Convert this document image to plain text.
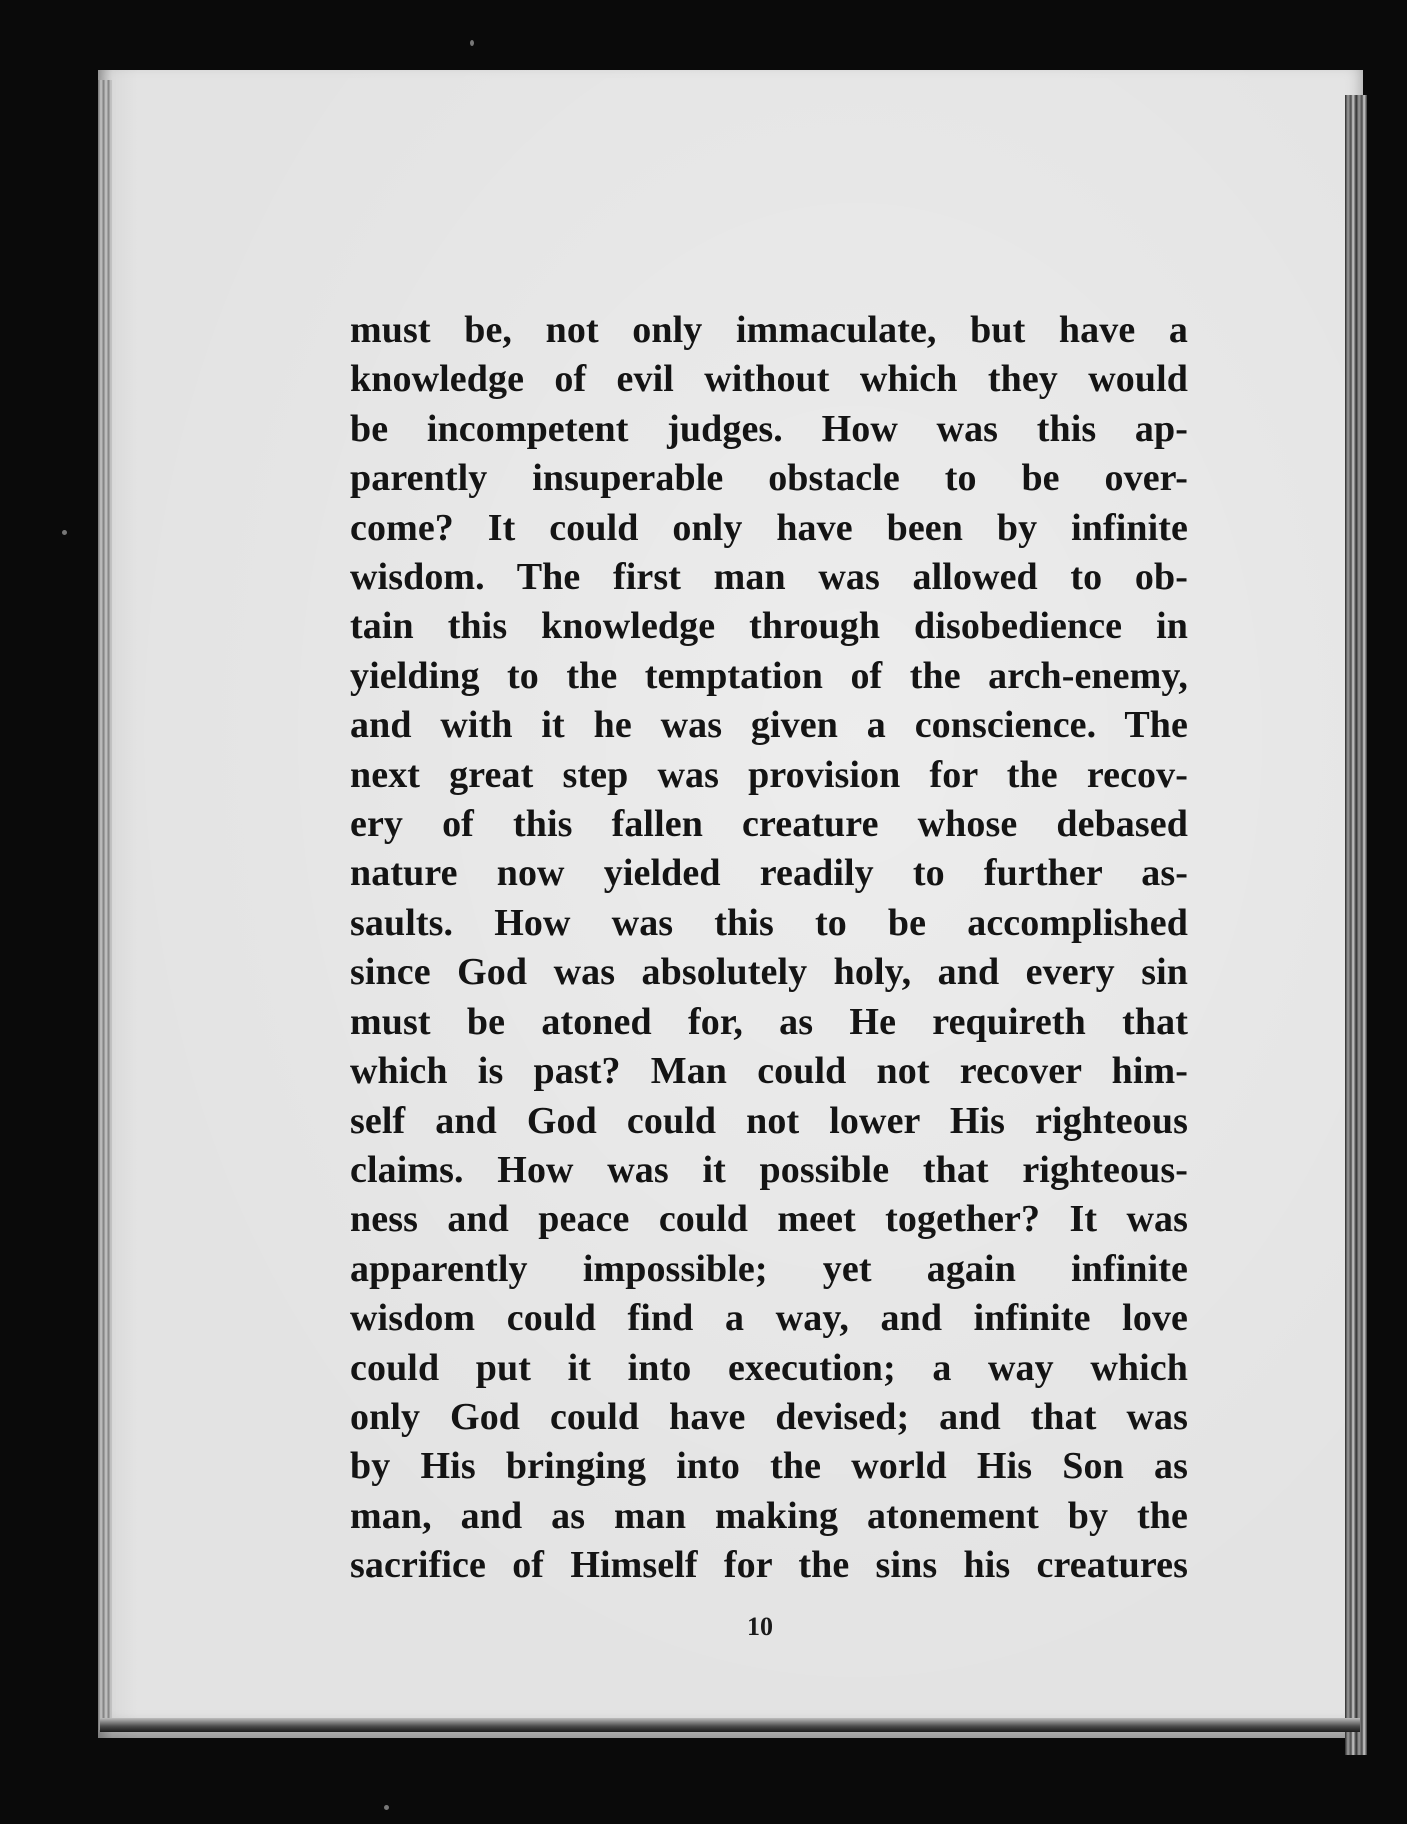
must be, not only immaculate, but have a
knowledge of evil without which they would
be incompetent judges. How was this ap-
parently insuperable obstacle to be over-
come? It could only have been by infinite
wisdom. The first man was allowed to ob-
tain this knowledge through disobedience in
yielding to the temptation of the arch-enemy,
and with it he was given a conscience. The
next great step was provision for the recov-
ery of this fallen creature whose debased
nature now yielded readily to further as-
saults. How was this to be accomplished
since God was absolutely holy, and every sin
must be atoned for, as He requireth that
which is past? Man could not recover him-
self and God could not lower His righteous
claims. How was it possible that righteous-
ness and peace could meet together? It was
apparently impossible; yet again infinite
wisdom could find a way, and infinite love
could put it into execution; a way which
only God could have devised; and that was
by His bringing into the world His Son as
man, and as man making atonement by the
sacrifice of Himself for the sins his creatures
10
